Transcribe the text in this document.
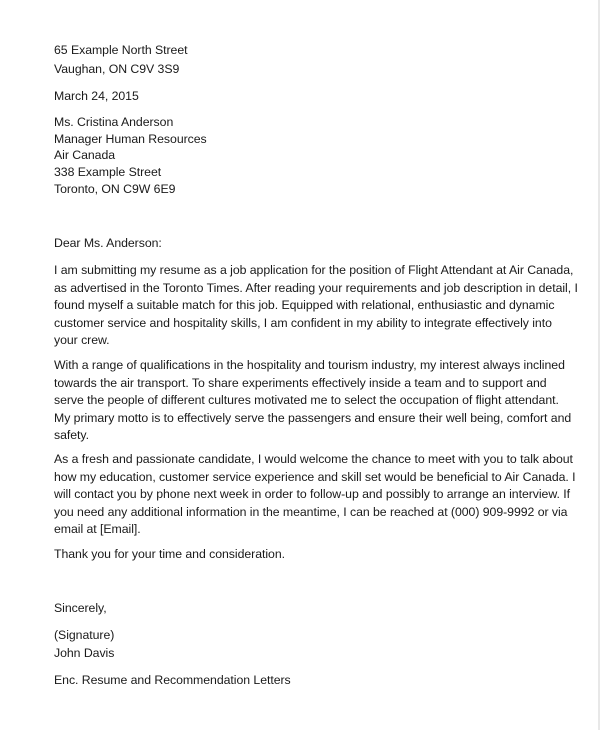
65 Example North Street
Vaughan, ON C9V 3S9
March 24, 2015
Ms. Cristina Anderson
Manager Human Resources
Air Canada
338 Example Street
Toronto, ON C9W 6E9
Dear Ms. Anderson:
I am submitting my resume as a job application for the position of Flight Attendant at Air Canada,
as advertised in the Toronto Times. After reading your requirements and job description in detail, I
found myself a suitable match for this job. Equipped with relational, enthusiastic and dynamic
customer service and hospitality skills, I am confident in my ability to integrate effectively into
your crew.
With a range of qualifications in the hospitality and tourism industry, my interest always inclined
towards the air transport. To share experiments effectively inside a team and to support and
serve the people of different cultures motivated me to select the occupation of flight attendant.
My primary motto is to effectively serve the passengers and ensure their well being, comfort and
safety.
As a fresh and passionate candidate, I would welcome the chance to meet with you to talk about
how my education, customer service experience and skill set would be beneficial to Air Canada. I
will contact you by phone next week in order to follow-up and possibly to arrange an interview. If
you need any additional information in the meantime, I can be reached at (000) 909-9992 or via
email at [Email].
Thank you for your time and consideration.
Sincerely,
(Signature)
John Davis
Enc. Resume and Recommendation Letters
